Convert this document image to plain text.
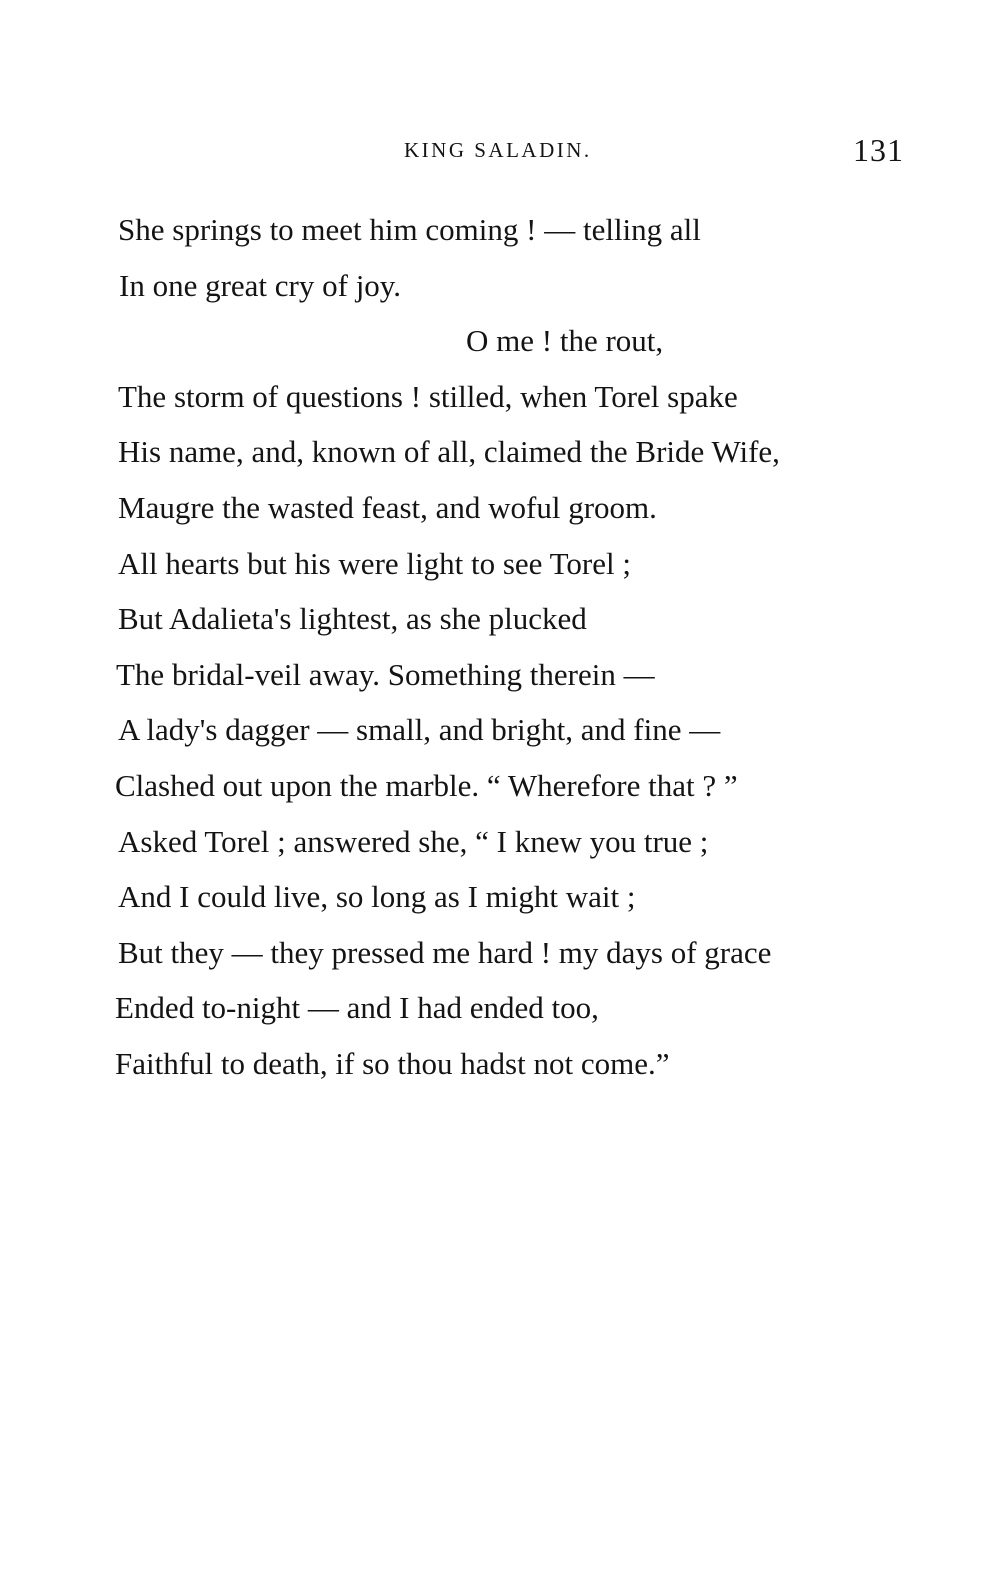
KING SALADIN.	131
She springs to meet him coming ! — telling all
In one great cry of joy.
O me ! the rout,
The storm of questions ! stilled, when Torel spake
His name, and, known of all, claimed the Bride Wife,
Maugre the wasted feast, and woful groom.
All hearts but his were light to see Torel ;
But Adalieta's lightest, as she plucked
The bridal-veil away. Something therein —
A lady's dagger — small, and bright, and fine —
Clashed out upon the marble. “ Wherefore that ? ”
Asked Torel ; answered she, “ I knew you true ;
And I could live, so long as I might wait ;
But they — they pressed me hard ! my days of grace
Ended to-night — and I had ended too,
Faithful to death, if so thou hadst not come.”
